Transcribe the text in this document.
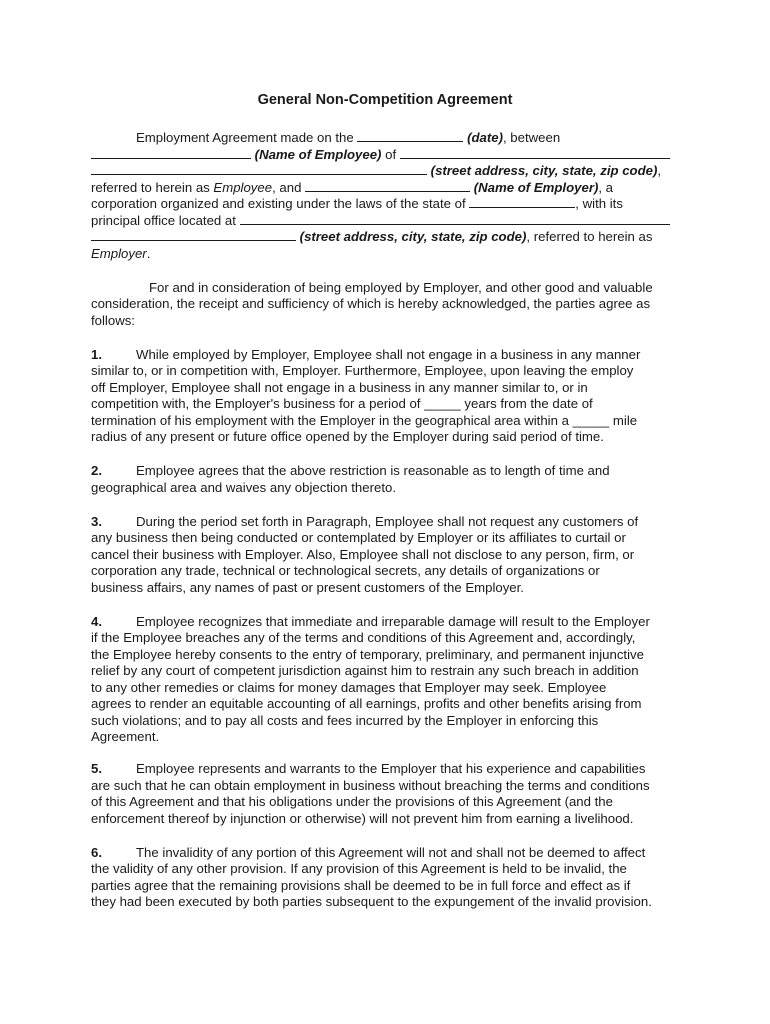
General Non-Competition Agreement
Employment Agreement made on the	(date), between
(Name of Employee) of
(street address, city, state, zip code),
referred to herein as Employee, and	(Name of Employer), a
corporation organized and existing under the laws of the state of	, with its
principal office located at
(street address, city, state, zip code), referred to herein as
Employer.
For and in consideration of being employed by Employer, and other good and valuable
consideration, the receipt and sufficiency of which is hereby acknowledged, the parties agree as
follows:
1.	While employed by Employer, Employee shall not engage in a business in any manner
similar to, or in competition with, Employer. Furthermore, Employee, upon leaving the employ
off Employer, Employee shall not engage in a business in any manner similar to, or in
competition with, the Employer's business for a period of _____ years from the date of
termination of his employment with the Employer in the geographical area within a _____ mile
radius of any present or future office opened by the Employer during said period of time.
2.	Employee agrees that the above restriction is reasonable as to length of time and
geographical area and waives any objection thereto.
3.	During the period set forth in Paragraph, Employee shall not request any customers of
any business then being conducted or contemplated by Employer or its affiliates to curtail or
cancel their business with Employer. Also, Employee shall not disclose to any person, firm, or
corporation any trade, technical or technological secrets, any details of organizations or
business affairs, any names of past or present customers of the Employer.
4.	Employee recognizes that immediate and irreparable damage will result to the Employer
if the Employee breaches any of the terms and conditions of this Agreement and, accordingly,
the Employee hereby consents to the entry of temporary, preliminary, and permanent injunctive
relief by any court of competent jurisdiction against him to restrain any such breach in addition
to any other remedies or claims for money damages that Employer may seek. Employee
agrees to render an equitable accounting of all earnings, profits and other benefits arising from
such violations; and to pay all costs and fees incurred by the Employer in enforcing this
Agreement.
5.	Employee represents and warrants to the Employer that his experience and capabilities
are such that he can obtain employment in business without breaching the terms and conditions
of this Agreement and that his obligations under the provisions of this Agreement (and the
enforcement thereof by injunction or otherwise) will not prevent him from earning a livelihood.
6.	The invalidity of any portion of this Agreement will not and shall not be deemed to affect
the validity of any other provision. If any provision of this Agreement is held to be invalid, the
parties agree that the remaining provisions shall be deemed to be in full force and effect as if
they had been executed by both parties subsequent to the expungement of the invalid provision.
